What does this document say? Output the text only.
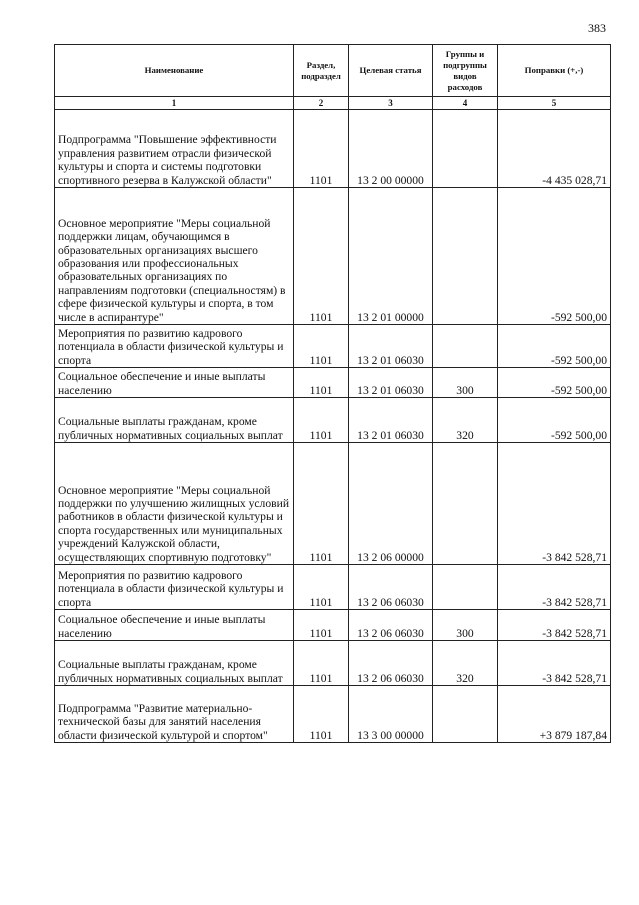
383
Наименование	Раздел, подраздел	Целевая статья	Группы и подгруппы видов расходов	Поправки (+,-)
1	2	3	4	5
Подпрограмма "Повышение эффективности управления развитием отрасли физической культуры и спорта и системы подготовки спортивного резерва в Калужской области"	1101	13 2 00 00000		-4 435 028,71
Основное мероприятие "Меры социальной поддержки лицам, обучающимся в образовательных организациях высшего образования или профессиональных образовательных организациях по направлениям подготовки (специальностям) в сфере физической культуры и спорта, в том числе в аспирантуре"	1101	13 2 01 00000		-592 500,00
Мероприятия по развитию кадрового потенциала в области физической культуры и спорта	1101	13 2 01 06030		-592 500,00
Социальное обеспечение и иные выплаты населению	1101	13 2 01 06030	300	-592 500,00
Социальные выплаты гражданам, кроме публичных нормативных социальных выплат	1101	13 2 01 06030	320	-592 500,00
Основное мероприятие "Меры социальной поддержки по улучшению жилищных условий работников в области физической культуры и спорта государственных или муниципальных учреждений Калужской области, осуществляющих спортивную подготовку"	1101	13 2 06 00000		-3 842 528,71
Мероприятия по развитию кадрового потенциала в области физической культуры и спорта	1101	13 2 06 06030		-3 842 528,71
Социальное обеспечение и иные выплаты населению	1101	13 2 06 06030	300	-3 842 528,71
Социальные выплаты гражданам, кроме публичных нормативных социальных выплат	1101	13 2 06 06030	320	-3 842 528,71
Подпрограмма "Развитие материально-технической базы для занятий населения области физической культурой и спортом"	1101	13 3 00 00000		+3 879 187,84
